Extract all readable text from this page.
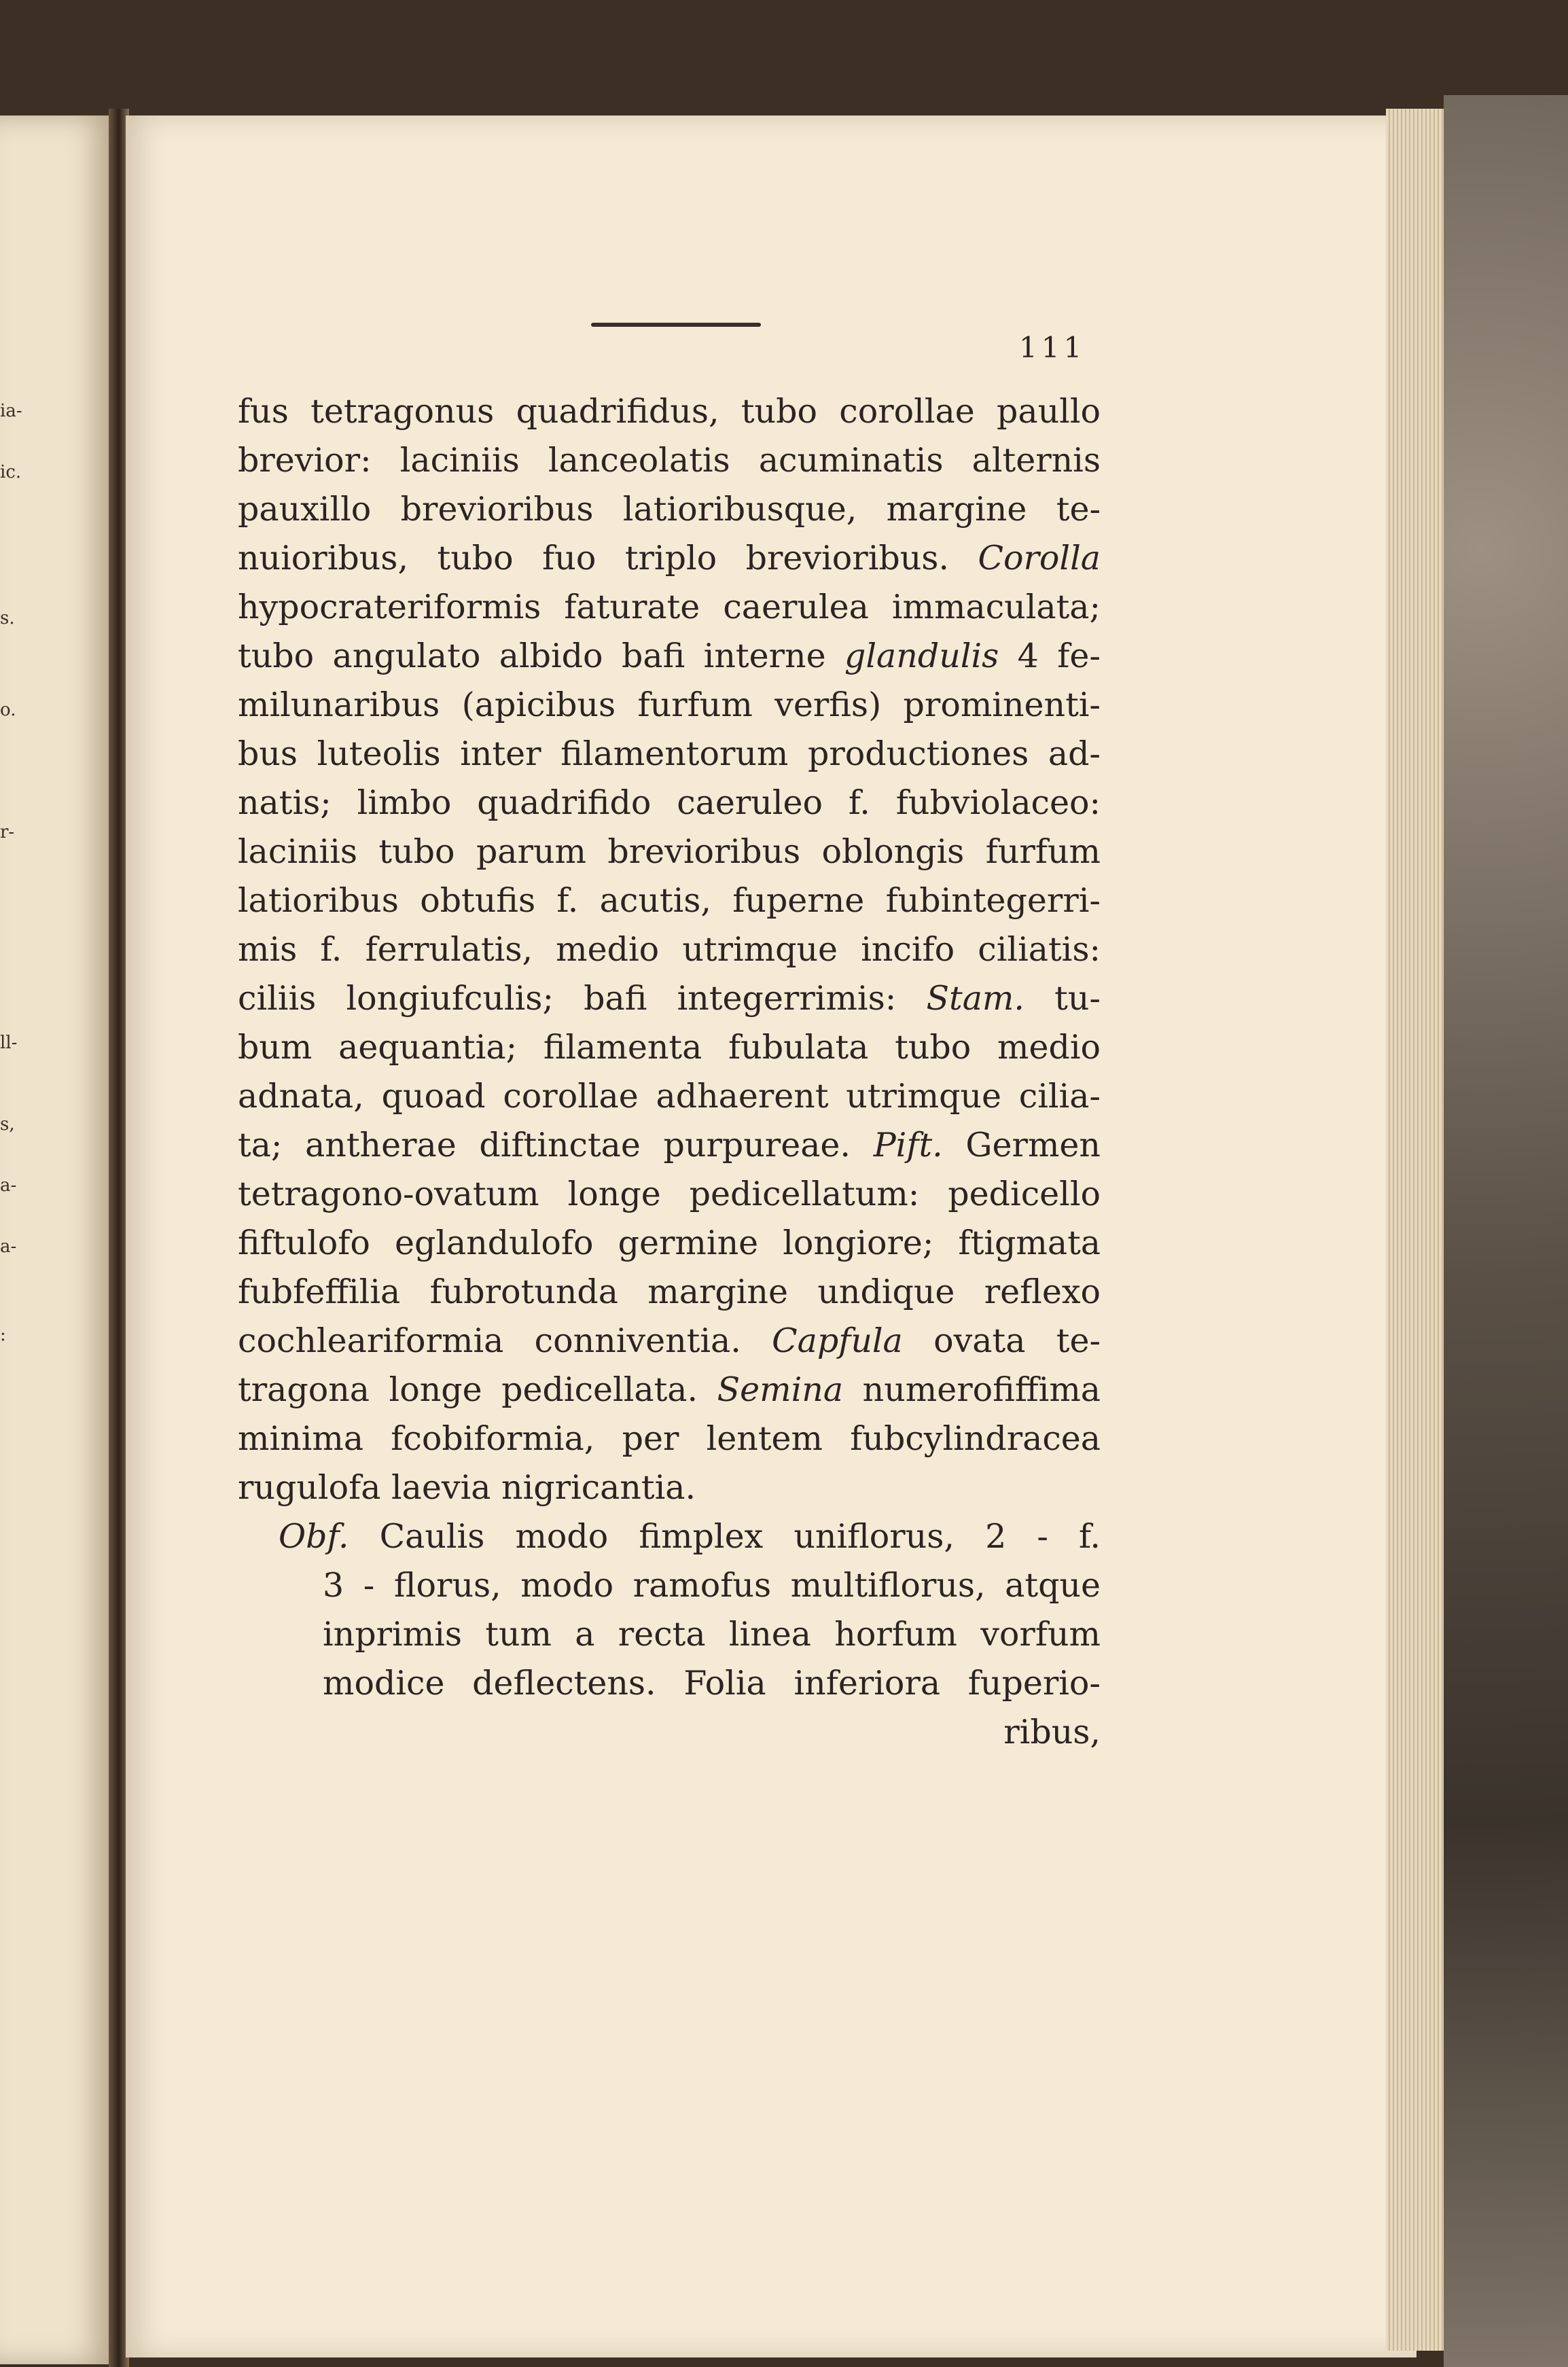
ia-
ic.
s.
o.
r-
ll-
s,
a-
a-
:
111
fus tetragonus quadrifidus, tubo corollae paullo
brevior: laciniis lanceolatis acuminatis alternis
pauxillo brevioribus latioribusque, margine te-
nuioribus, tubo fuo triplo brevioribus. Corolla
hypocrateriformis faturate caerulea immaculata;
tubo angulato albido bafi interne glandulis 4 fe-
milunaribus (apicibus furfum verfis) prominenti-
bus luteolis inter filamentorum productiones ad-
natis; limbo quadrifido caeruleo f. fubviolaceo:
laciniis tubo parum brevioribus oblongis furfum
latioribus obtufis f. acutis, fuperne fubintegerri-
mis f. ferrulatis, medio utrimque incifo ciliatis:
ciliis longiufculis; bafi integerrimis: Stam. tu-
bum aequantia; filamenta fubulata tubo medio
adnata, quoad corollae adhaerent utrimque cilia-
ta; antherae diftinctae purpureae. Pift. Germen
tetragono-ovatum longe pedicellatum: pedicello
fiftulofo eglandulofo germine longiore; ftigmata
fubfeffilia fubrotunda margine undique reflexo
cochleariformia conniventia. Capfula ovata te-
tragona longe pedicellata. Semina numerofiffima
minima fcobiformia, per lentem fubcylindracea
rugulofa laevia nigricantia.
Obf. Caulis modo fimplex uniflorus, 2 - f.
3 - florus, modo ramofus multiflorus, atque
inprimis tum a recta linea horfum vorfum
modice deflectens. Folia inferiora fuperio-
ribus,
